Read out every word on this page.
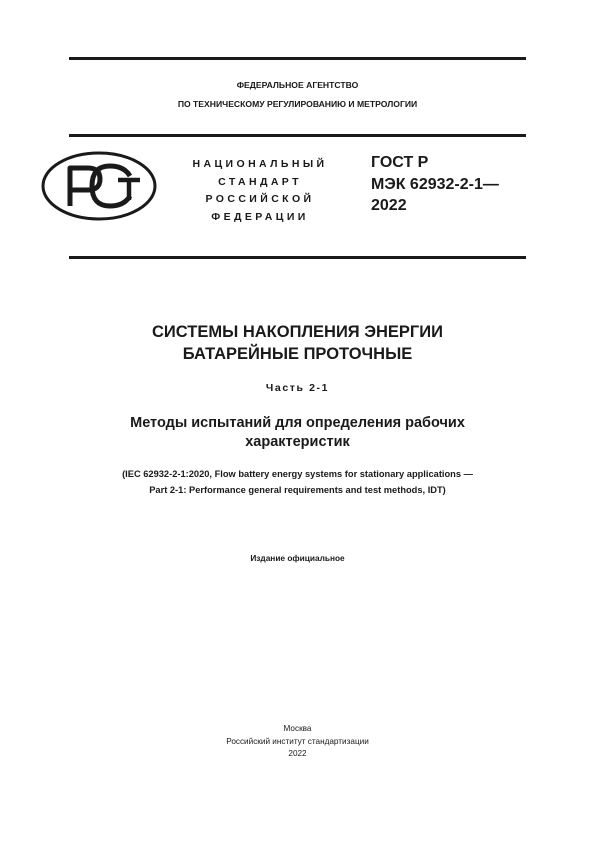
ФЕДЕРАЛЬНОЕ АГЕНТСТВО
ПО ТЕХНИЧЕСКОМУ РЕГУЛИРОВАНИЮ И МЕТРОЛОГИИ
НАЦИОНАЛЬНЫЙ
СТАНДАРТ
РОССИЙСКОЙ
ФЕДЕРАЦИИ
ГОСТ Р
МЭК 62932-2-1—
2022
СИСТЕМЫ НАКОПЛЕНИЯ ЭНЕРГИИ
БАТАРЕЙНЫЕ ПРОТОЧНЫЕ
Часть 2-1
Методы испытаний для определения рабочих
характеристик
(IEC 62932-2-1:2020, Flow battery energy systems for stationary applications —
Part 2-1: Performance general requirements and test methods, IDT)
Издание официальное
Москва
Российский институт стандартизации
2022
